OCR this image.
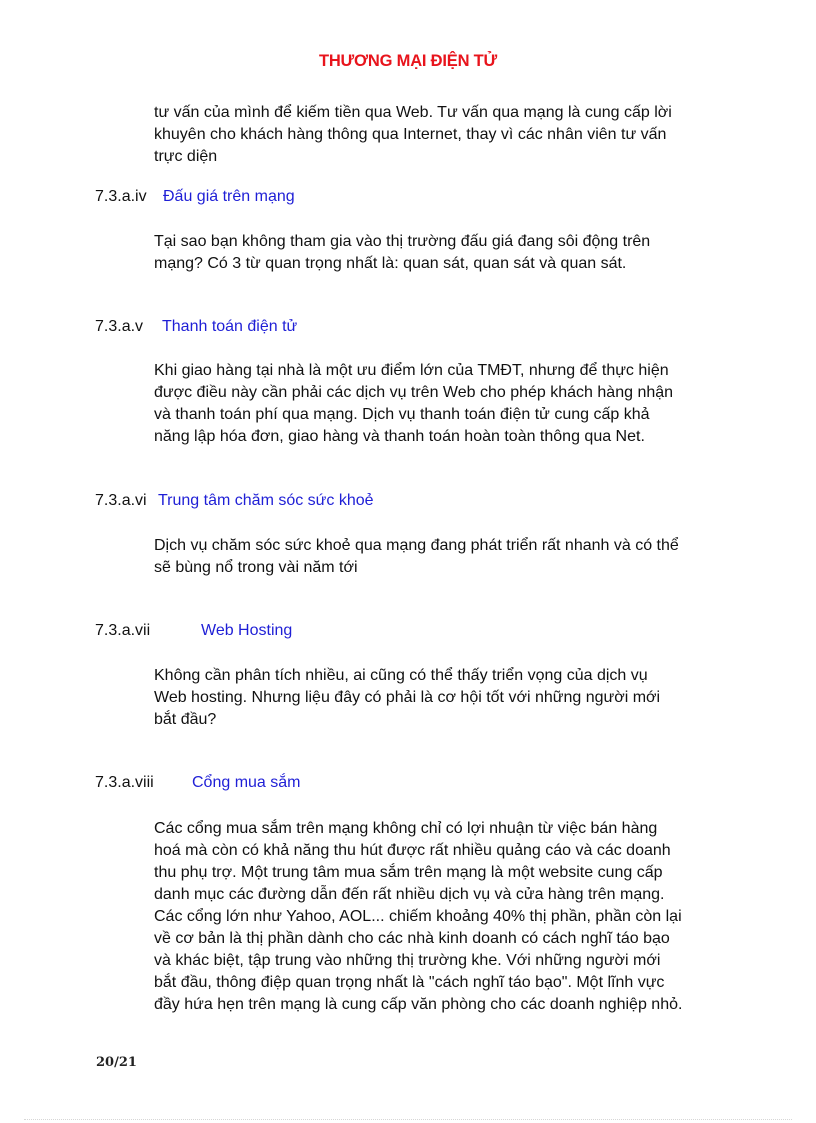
THƯƠNG MẠI ĐIỆN TỬ
tư vấn của mình để kiếm tiền qua Web. Tư vấn qua mạng là cung cấp lời
khuyên cho khách hàng thông qua Internet, thay vì các nhân viên tư vấn
trực diện
7.3.a.iv Đấu giá trên mạng
Tại sao bạn không tham gia vào thị trường đấu giá đang sôi động trên
mạng? Có 3 từ quan trọng nhất là: quan sát, quan sát và quan sát.
7.3.a.v Thanh toán điện tử
Khi giao hàng tại nhà là một ưu điểm lớn của TMĐT, nhưng để thực hiện
được điều này cần phải các dịch vụ trên Web cho phép khách hàng nhận
và thanh toán phí qua mạng. Dịch vụ thanh toán điện tử cung cấp khả
năng lập hóa đơn, giao hàng và thanh toán hoàn toàn thông qua Net.
7.3.a.vi Trung tâm chăm sóc sức khoẻ
Dịch vụ chăm sóc sức khoẻ qua mạng đang phát triển rất nhanh và có thể
sẽ bùng nổ trong vài năm tới
7.3.a.vii	Web Hosting
Không cần phân tích nhiều, ai cũng có thể thấy triển vọng của dịch vụ
Web hosting. Nhưng liệu đây có phải là cơ hội tốt với những người mới
bắt đầu?
7.3.a.viii Cổng mua sắm
Các cổng mua sắm trên mạng không chỉ có lợi nhuận từ việc bán hàng
hoá mà còn có khả năng thu hút được rất nhiều quảng cáo và các doanh
thu phụ trợ. Một trung tâm mua sắm trên mạng là một website cung cấp
danh mục các đường dẫn đến rất nhiều dịch vụ và cửa hàng trên mạng.
Các cổng lớn như Yahoo, AOL... chiếm khoảng 40% thị phần, phần còn lại
về cơ bản là thị phần dành cho các nhà kinh doanh có cách nghĩ táo bạo
và khác biệt, tập trung vào những thị trường khe. Với những người mới
bắt đầu, thông điệp quan trọng nhất là "cách nghĩ táo bạo". Một lĩnh vực
đầy hứa hẹn trên mạng là cung cấp văn phòng cho các doanh nghiệp nhỏ.
20/21
